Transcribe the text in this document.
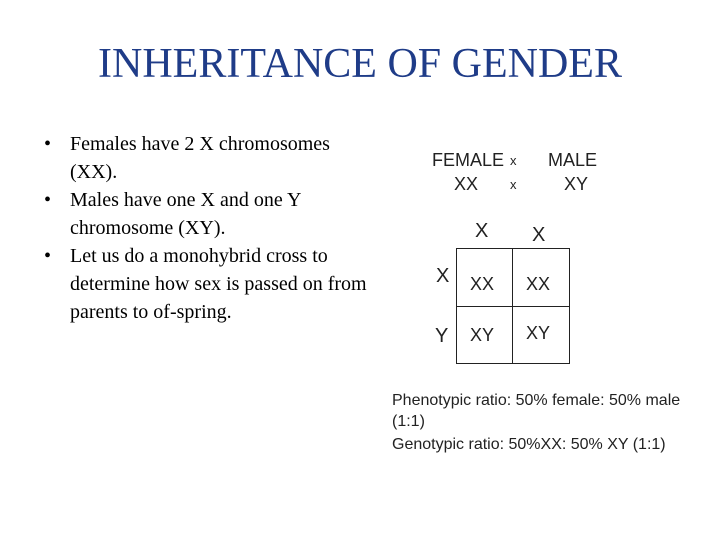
INHERITANCE OF GENDER
• Females have 2 X chromosomes (XX).
• Males have one X and one Y chromosome (XY).
• Let us do a monohybrid cross to determine how sex is passed on from parents to of-spring.
FEMALE x MALE
XX x	XY
X X
X
Y
XX XX
XY XY
Phenotypic ratio: 50% female: 50% male
(1:1)
Genotypic ratio: 50%XX: 50% XY (1:1)
